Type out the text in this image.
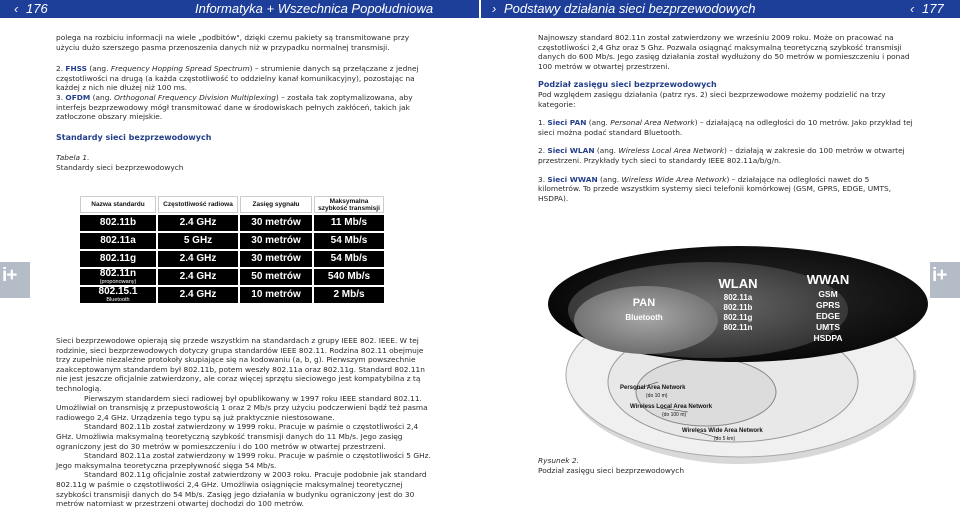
‹ 176	Informatyka + Wszechnica Popołudniowa	› Podstawy działania sieci bezprzewodowych	‹ 177
i+	i+

polega na rozbiciu informacji na wiele „podbitów", dzięki czemu pakiety są transmitowane przy użyciu dużo szerszego pasma przenoszenia danych niż w przypadku normalnej transmisji.

2. FHSS (ang. Frequency Hopping Spread Spectrum) – strumienie danych są przełączane z jednej częstotliwości na drugą (a każda częstotliwość to oddzielny kanał komunikacyjny), pozostając na każdej z nich nie dłużej niż 100 ms.

3. OFDM (ang. Orthogonal Frequency Division Multiplexing) – została tak zoptymalizowana, aby interfejs bezprzewodowy mógł transmitować dane w środowiskach pełnych zakłóceń, takich jak zatłoczone obszary miejskie.

Standardy sieci bezprzewodowych

Tabela 1.

Standardy sieci bezprzewodowych

Nazwa standardu	Częstotliwość radiowa	Zasięg sygnału	Maksymalna szybkość transmisji
802.11b	2.4 GHz	30 metrów	11 Mb/s
802.11a	5 GHz	30 metrów	54 Mb/s
802.11g	2.4 GHz	30 metrów	54 Mb/s
802.11n
(proponowany)	2.4 GHz	50 metrów	540 Mb/s
802.15.1
Bluetooth	2.4 GHz	10 metrów	2 Mb/s

Sieci bezprzewodowe opierają się przede wszystkim na standardach z grupy IEEE 802. IEEE. W tej rodzinie, sieci bezprzewodowych dotyczy grupa standardów IEEE 802.11. Rodzina 802.11 obejmuje trzy zupełnie niezależne protokoły skupiające się na kodowaniu (a, b, g). Pierwszym powszechnie zaakceptowanym standardem był 802.11b, potem weszły 802.11a oraz 802.11g. Standard 802.11n nie jest jeszcze oficjalnie zatwierdzony, ale coraz więcej sprzętu sieciowego jest kompatybilna z tą technologią.

Pierwszym standardem sieci radiowej był opublikowany w 1997 roku IEEE standard 802.11. Umożliwiał on transmisję z przepustowością 1 oraz 2 Mb/s przy użyciu podczerwieni bądź też pasma radiowego 2,4 GHz. Urządzenia tego typu są już praktycznie niestosowane.

Standard 802.11b został zatwierdzony w 1999 roku. Pracuje w paśmie o częstotliwości 2,4 GHz. Umożliwia maksymalną teoretyczną szybkość transmisji danych do 11 Mb/s. Jego zasięg ograniczony jest do 30 metrów w pomieszczeniu i do 100 metrów w otwartej przestrzeni.

Standard 802.11a został zatwierdzony w 1999 roku. Pracuje w paśmie o częstotliwości 5 GHz. Jego maksymalna teoretyczna przepływność sięga 54 Mb/s.

Standard 802.11g oficjalnie został zatwierdzony w 2003 roku. Pracuje podobnie jak standard 802.11g w paśmie o częstotliwości 2,4 GHz. Umożliwia osiągnięcie maksymalnej teoretycznej szybkości transmisji danych do 54 Mb/s. Zasięg jego działania w budynku ograniczony jest do 30 metrów natomiast w przestrzeni otwartej dochodzi do 100 metrów.

Najnowszy standard 802.11n został zatwierdzony we wrześniu 2009 roku. Może on pracować na częstotliwości 2,4 Ghz oraz 5 Ghz. Pozwala osiągnąć maksymalną teoretyczną szybkość transmisji danych do 600 Mb/s. Jego zasięg działania został wydłużony do 50 metrów w pomieszczeniu i ponad 100 metrów w otwartej przestrzeni.

Podział zasięgu sieci bezprzewodowych

Pod względem zasięgu działania (patrz rys. 2) sieci bezprzewodowe możemy podzielić na trzy kategorie:

1. Sieci PAN (ang. Personal Area Network) – działającą na odległości do 10 metrów. Jako przykład tej sieci można podać standard Bluetooth.

2. Sieci WLAN (ang. Wireless Local Area Network) – działają w zakresie do 100 metrów w otwartej przestrzeni. Przykłady tych sieci to standardy IEEE 802.11a/b/g/n.

3. Sieci WWAN (ang. Wireless Wide Area Network) – działające na odległości nawet do 5 kilometrów. To przede wszystkim systemy sieci telefonii komórkowej (GSM, GPRS, EDGE, UMTS, HSDPA).

WWAN
GSM
GPRS
EDGE
UMTS
HSDPA
WLAN
802.11a
802.11b
802.11g
802.11n
PAN
Bluetooth
Personal Area Network
(do 10 m)
Wireless Local Area Network
(do 100 m)
Wireless Wide Area Network
(do 5 km)

Rysunek 2.

Podział zasięgu sieci bezprzewodowych
